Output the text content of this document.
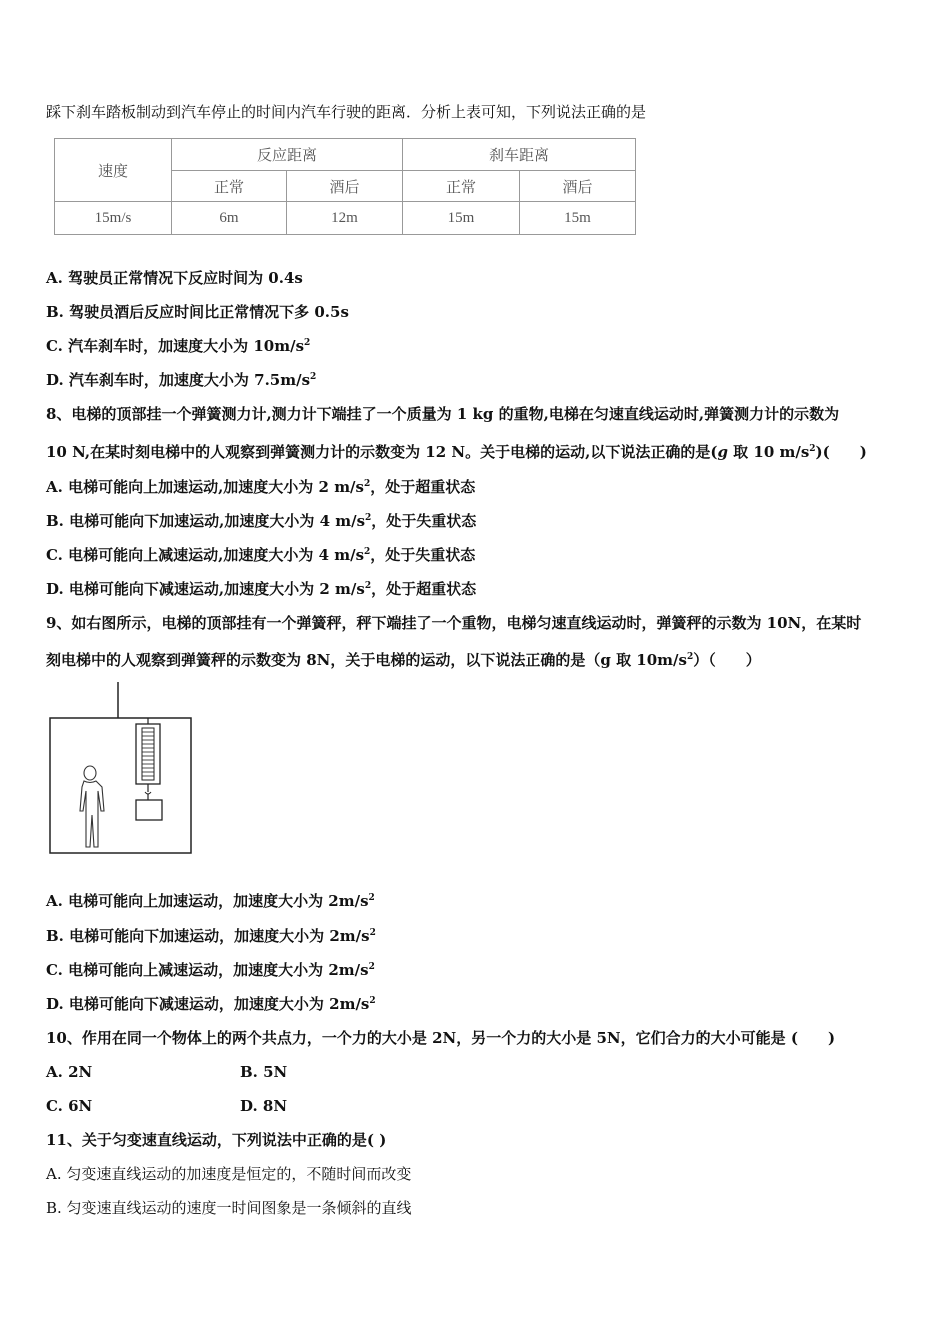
踩下刹车踏板制动到汽车停止的时间内汽车行驶的距离．分析上表可知，下列说法正确的是
速度	反应距离		刹车距离	
	正常	酒后	正常	酒后
15m/s	6m	12m	15m	15m
A. 驾驶员正常情况下反应时间为 0.4s
B. 驾驶员酒后反应时间比正常情况下多 0.5s
C. 汽车刹车时，加速度大小为 $10m/s^2$
D. 汽车刹车时，加速度大小为 $7.5m/s^2$
8、电梯的顶部挂一个弹簧测力计,测力计下端挂了一个质量为 1 kg 的重物,电梯在匀速直线运动时,弹簧测力计的示数为
10 N,在某时刻电梯中的人观察到弹簧测力计的示数变为 12 N。关于电梯的运动,以下说法正确的是(g 取 10 $m/s^2$)(　　)
A. 电梯可能向上加速运动,加速度大小为 2 $m/s^2$，处于超重状态
B. 电梯可能向下加速运动,加速度大小为 4 $m/s^2$，处于失重状态
C. 电梯可能向上减速运动,加速度大小为 4 $m/s^2$，处于失重状态
D. 电梯可能向下减速运动,加速度大小为 2 $m/s^2$，处于超重状态
9、如右图所示，电梯的顶部挂有一个弹簧秤，秤下端挂了一个重物，电梯匀速直线运动时，弹簧秤的示数为 10N，在某时
刻电梯中的人观察到弹簧秤的示数变为 8N，关于电梯的运动，以下说法正确的是（g 取 $10m/s^2$）（　　）
A. 电梯可能向上加速运动，加速度大小为 $2m/s^2$
B. 电梯可能向下加速运动，加速度大小为 $2m/s^2$
C. 电梯可能向上减速运动，加速度大小为 $2m/s^2$
D. 电梯可能向下减速运动，加速度大小为 $2m/s^2$
10、作用在同一个物体上的两个共点力，一个力的大小是 2N，另一个力的大小是 5N，它们合力的大小可能是 (　　)
A. 2N	B. 5N
C. 6N	D. 8N
11、关于匀变速直线运动，下列说法中正确的是( )
A. 匀变速直线运动的加速度是恒定的，不随时间而改变
B. 匀变速直线运动的速度一时间图象是一条倾斜的直线
